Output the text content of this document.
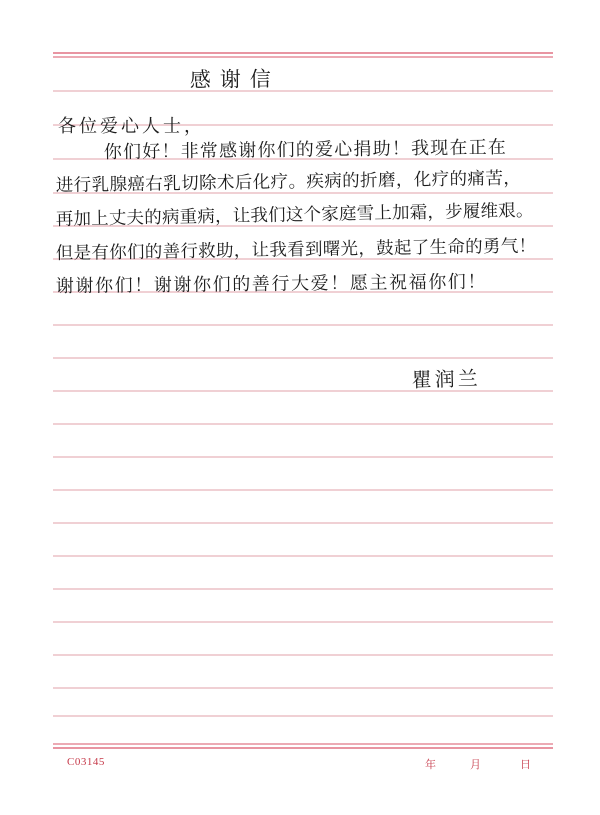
感谢信
各位爱心人士，
你们好！非常感谢你们的爱心捐助！我现在正在
进行乳腺癌右乳切除术后化疗。疾病的折磨，化疗的痛苦，
再加上丈夫的病重病，让我们这个家庭雪上加霜，步履维艰。
但是有你们的善行救助，让我看到曙光，鼓起了生命的勇气！
谢谢你们！谢谢你们的善行大爱！愿主祝福你们！
瞿润兰
C03145	年	月	日
